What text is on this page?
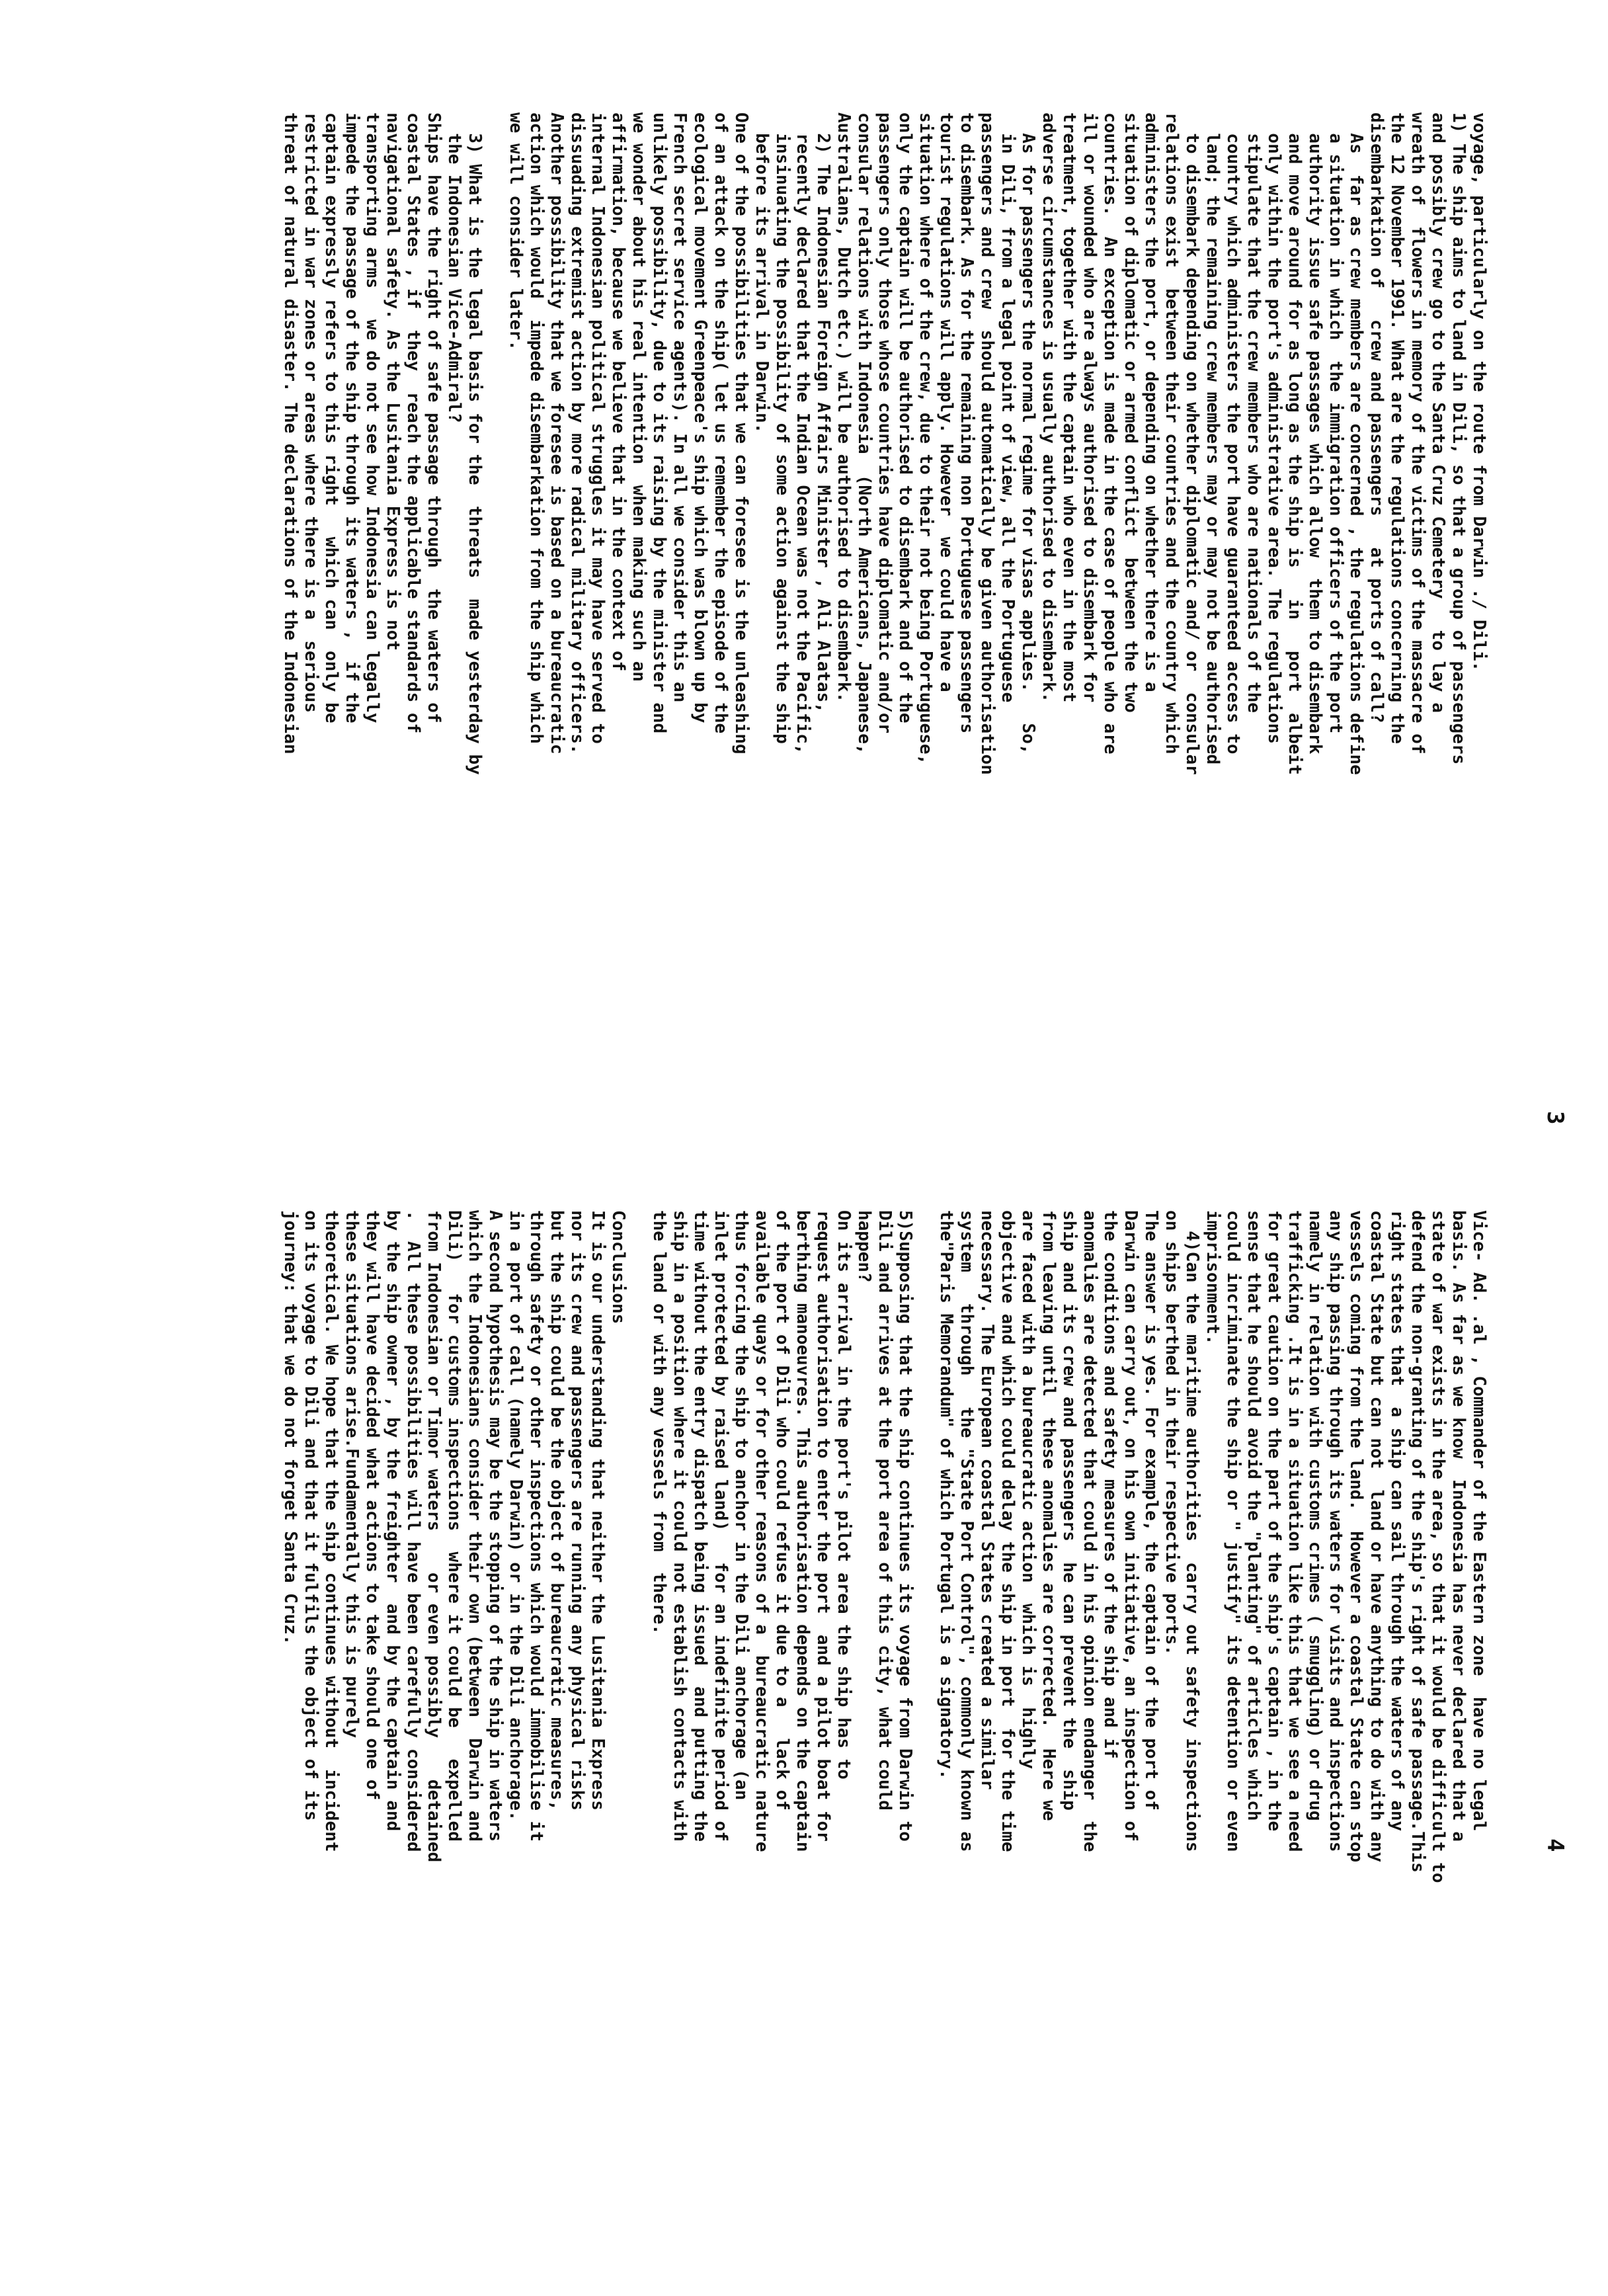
3
4
voyage, particularly on the route from Darwin ./ Dili.
1) The ship aims to land in Dili, so that a group of passengers
and possibly crew go to the Santa Cruz Cemetery   to lay a
wreath of  flowers in memory of the victims of the massacre of
the 12 November 1991. What are the regulations concerning the
disembarkation of   crew and passengers   at ports of call?
As  far as crew members are concerned , the regulations define
a situation in which  the immigration officers of the port
authority issue safe passages which allow  them to disembark
and move around for as long as the ship is   in   port  albeit
only within the port's administrative area. The regulations
stipulate that the crew members who are nationals of the
country which administers the port have guaranteed access to
land; the remaining crew members may or may not be authorised
to disembark depending on whether diplomatic and/ or  consular
relations exist  between their countries and the country which
administers the port, or depending on whether there is a
situation of diplomatic or armed conflict  between the two
countries.  An exception is made in the case of people who are
ill or wounded who are always authorised to disembark for
treatment, together with the captain who even in the most
adverse circumstances is usually authorised to disembark.
As for passengers the normal regime for visas applies.   So,
in Dili, from a legal point of view, all the Portuguese
passengers and crew  should automatically be given authorisation
to disembark. As for the remaining non Portuguese passengers
tourist regulations will apply. However  we could have a
situation where of the crew, due to their not being Portuguese,
only the captain will be authorised to disembark and of the
passengers only those whose countries have diplomatic and/or
consular relations with Indonesia  (North Americans, Japanese,
Australians, Dutch etc.) will be authorised to disembark.
2) The Indonesian Foreign Affairs Minister , Ali Alatas,
recently declared that the Indian Ocean was not the Pacific,
insinuating the possibility of some action against the ship
before its arrival in Darwin.
One of the possibilities that we can foresee is the unleashing
of an attack on the ship( let us remember the episode of the
ecological movement Greenpeace's ship which was blown up by
French secret service agents). In all we consider this an
unlikely possibility, due to its raising by the minister and
we wonder about his real intention  when making such an
affirmation, because we believe that in the context of
internal Indonesian political struggles it may have served to
dissuading extremist action by more radical military officers.
Another possibility that we foresee is based on a bureaucratic
action which would  impede disembarkation from the ship which
we will consider later.
3) What is the legal basis for the  threats  made yesterday by
the Indonesian Vice-Admiral?
Ships have the right of safe passage through  the waters of
coastal States , if  they  reach the applicable standards of
navigational safety. As the Lusitania Express is not
transporting arms   we do not see how Indonesia can legally
impede the passage of the ship through its waters ,  if the
captain expressly refers to this right   which can  only be
restricted in war zones or areas where there is a  serious
threat of natural disaster. The declarations of the Indonesian
Vice- Ad. .al , Commander of the Eastern zone  have no legal
basis. As far as we know  Indonesia has never declared that a
state of war exists in the area, so that it would be difficult to
defend the non-granting of the ship's right of safe passage.This
right states that  a ship can sail through the waters of any
coastal State but can not  land or have anything to do with any
vessels coming from the land.  However a coastal State can stop
any ship passing through its waters for visits and inspections
namely in relation with customs crimes ( smuggling) or drug
trafficking .It is in a situation like this that we see a need
for great caution on the part of the ship's captain , in the
sense that he should avoid the "planting" of articles which
could incriminate the ship or " justify" its detention or even
imprisonment.
4)Can the maritime authorities  carry out safety inspections
on ships berthed in their respective ports.
The answer is yes. For example, the captain of the port of
Darwin can carry out, on his own initiative, an inspection of
the conditions and safety measures of the ship and if
anomalies are detected that could in his opinion endanger  the
ship and its crew and passengers  he can prevent the  ship
from leaving until  these anomalies are corrected.  Here we
are faced with a bureaucratic action  which is  highly
objective and which could delay the ship in port  for the time
necessary. The European coastal States created a similar
system   through   the "State Port Control", commonly known as
the"Paris Memorandum" of which Portugal is a signatory.
5)Supposing that the ship continues its voyage from Darwin to
Dili and arrives at the port area of this city, what could
happen?
On its arrival in the port's pilot area the ship has to
request authorisation to enter the port  and a pilot boat for
berthing manoeuvres. This authorisation depends on the captain
of the port of Dili who could refuse it due to a   lack of
available quays or for other reasons of a  bureaucratic nature
thus forcing the ship to anchor in the Dili anchorage (an
inlet protected by raised land)   for an indefinite period of
time without the entry dispatch being issued  and putting the
ship in a position where it could not establish contacts with
the land or with any vessels from  there.
Conclusions
It is our understanding that neither the Lusitania Express
nor its crew and passengers are running any physical risks
but the ship could be the object of bureaucratic measures,
through safety or other inspections which would immobilise it
in a port of call (namely Darwin) or in the Dili anchorage.
A second hypothesis may be the stopping of the ship in waters
which the Indonesians consider their own (between  Darwin and
Dili)   for customs inspections  where it could be   expelled
from Indonesian or Timor waters    or even possibly    detained
.  All these possibilities will have been carefully considered
by the ship owner , by the freighter  and by the captain and
they will have decided what actions to take should one of
these situations arise.Fundamentally this is purely
theoretical. We hope that the ship continues without  incident
on its voyage to Dili and that it fulfils the object of its
journey: that we do not forget Santa Cruz.
